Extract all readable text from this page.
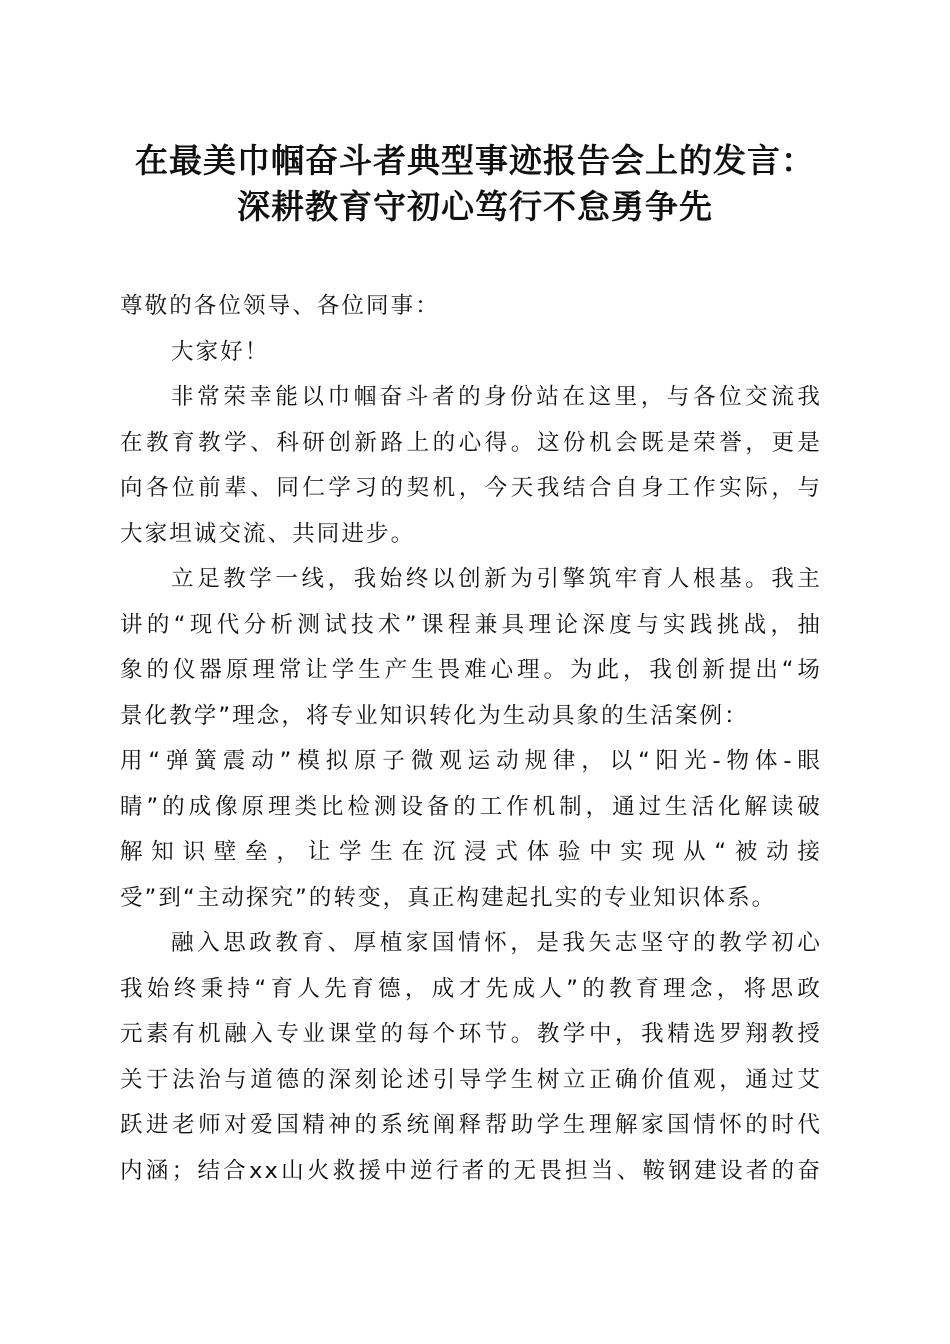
在最美巾帼奋斗者典型事迹报告会上的发言：
深耕教育守初心笃行不怠勇争先

尊敬的各位领导、各位同事：

大家好！

非常荣幸能以巾帼奋斗者的身份站在这里，与各位交流我
在教育教学、科研创新路上的心得。这份机会既是荣誉，更是
向各位前辈、同仁学习的契机，今天我结合自身工作实际，与
大家坦诚交流、共同进步。
立足教学一线，我始终以创新为引擎筑牢育人根基。我主
讲的“现代分析测试技术”课程兼具理论深度与实践挑战，抽
象的仪器原理常让学生产生畏难心理。为此，我创新提出“场
景化教学”理念，将专业知识转化为生动具象的生活案例：
用“弹簧震动”模拟原子微观运动规律，以“阳光-物体-眼
睛”的成像原理类比检测设备的工作机制，通过生活化解读破
解知识壁垒，让学生在沉浸式体验中实现从“被动接
受”到“主动探究”的转变，真正构建起扎实的专业知识体系。
融入思政教育、厚植家国情怀，是我矢志坚守的教学初心
我始终秉持“育人先育德，成才先成人”的教育理念，将思政
元素有机融入专业课堂的每个环节。教学中，我精选罗翔教授
关于法治与道德的深刻论述引导学生树立正确价值观，通过艾
跃进老师对爱国精神的系统阐释帮助学生理解家国情怀的时代
内涵；结合xx山火救援中逆行者的无畏担当、鞍钢建设者的奋
